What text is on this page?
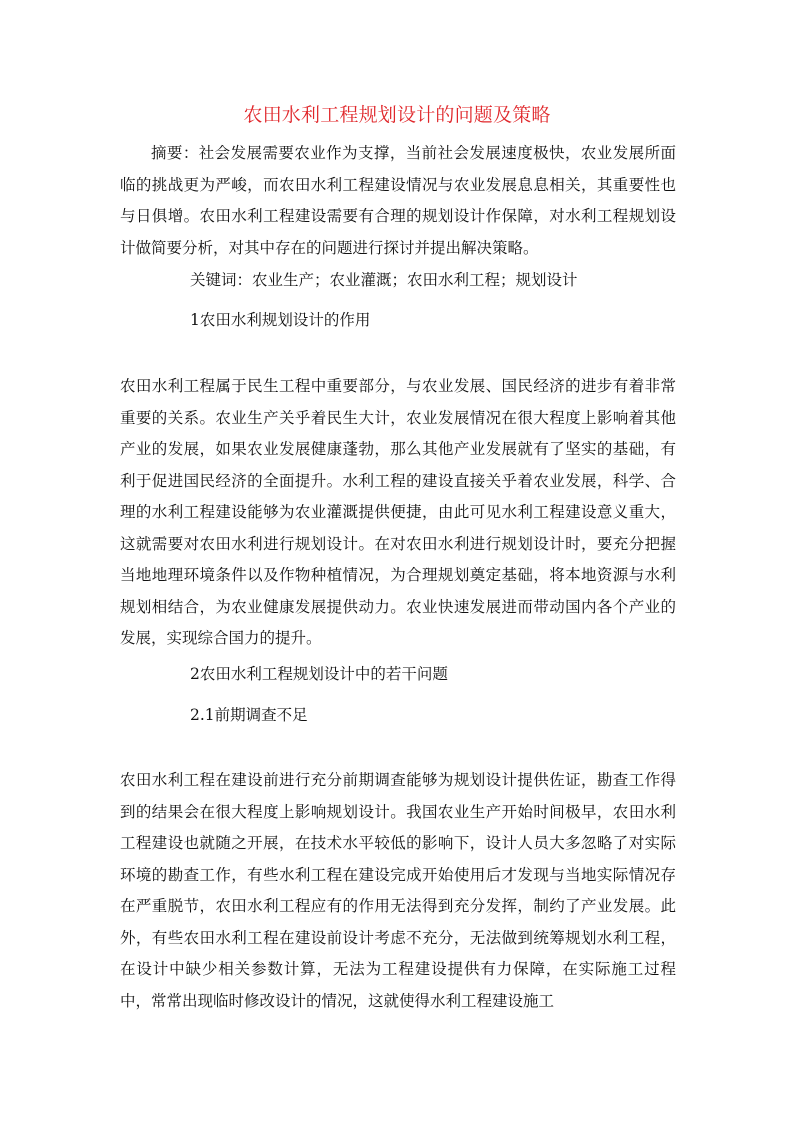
农田水利工程规划设计的问题及策略

摘要：社会发展需要农业作为支撑，当前社会发展速度极快，农业发展所面临的挑战更为严峻，而农田水利工程建设情况与农业发展息息相关，其重要性也与日俱增。农田水利工程建设需要有合理的规划设计作保障，对水利工程规划设计做简要分析，对其中存在的问题进行探讨并提出解决策略。

关键词：农业生产；农业灌溉；农田水利工程；规划设计

1农田水利规划设计的作用

农田水利工程属于民生工程中重要部分，与农业发展、国民经济的进步有着非常重要的关系。农业生产关乎着民生大计，农业发展情况在很大程度上影响着其他产业的发展，如果农业发展健康蓬勃，那么其他产业发展就有了坚实的基础，有利于促进国民经济的全面提升。水利工程的建设直接关乎着农业发展，科学、合理的水利工程建设能够为农业灌溉提供便捷，由此可见水利工程建设意义重大，这就需要对农田水利进行规划设计。在对农田水利进行规划设计时，要充分把握当地地理环境条件以及作物种植情况，为合理规划奠定基础，将本地资源与水利规划相结合，为农业健康发展提供动力。农业快速发展进而带动国内各个产业的发展，实现综合国力的提升。

2农田水利工程规划设计中的若干问题

2.1前期调查不足

农田水利工程在建设前进行充分前期调查能够为规划设计提供佐证，勘查工作得到的结果会在很大程度上影响规划设计。我国农业生产开始时间极早，农田水利工程建设也就随之开展，在技术水平较低的影响下，设计人员大多忽略了对实际环境的勘查工作，有些水利工程在建设完成开始使用后才发现与当地实际情况存在严重脱节，农田水利工程应有的作用无法得到充分发挥，制约了产业发展。此外，有些农田水利工程在建设前设计考虑不充分，无法做到统筹规划水利工程，在设计中缺少相关参数计算，无法为工程建设提供有力保障，在实际施工过程中，常常出现临时修改设计的情况，这就使得水利工程建设施工
